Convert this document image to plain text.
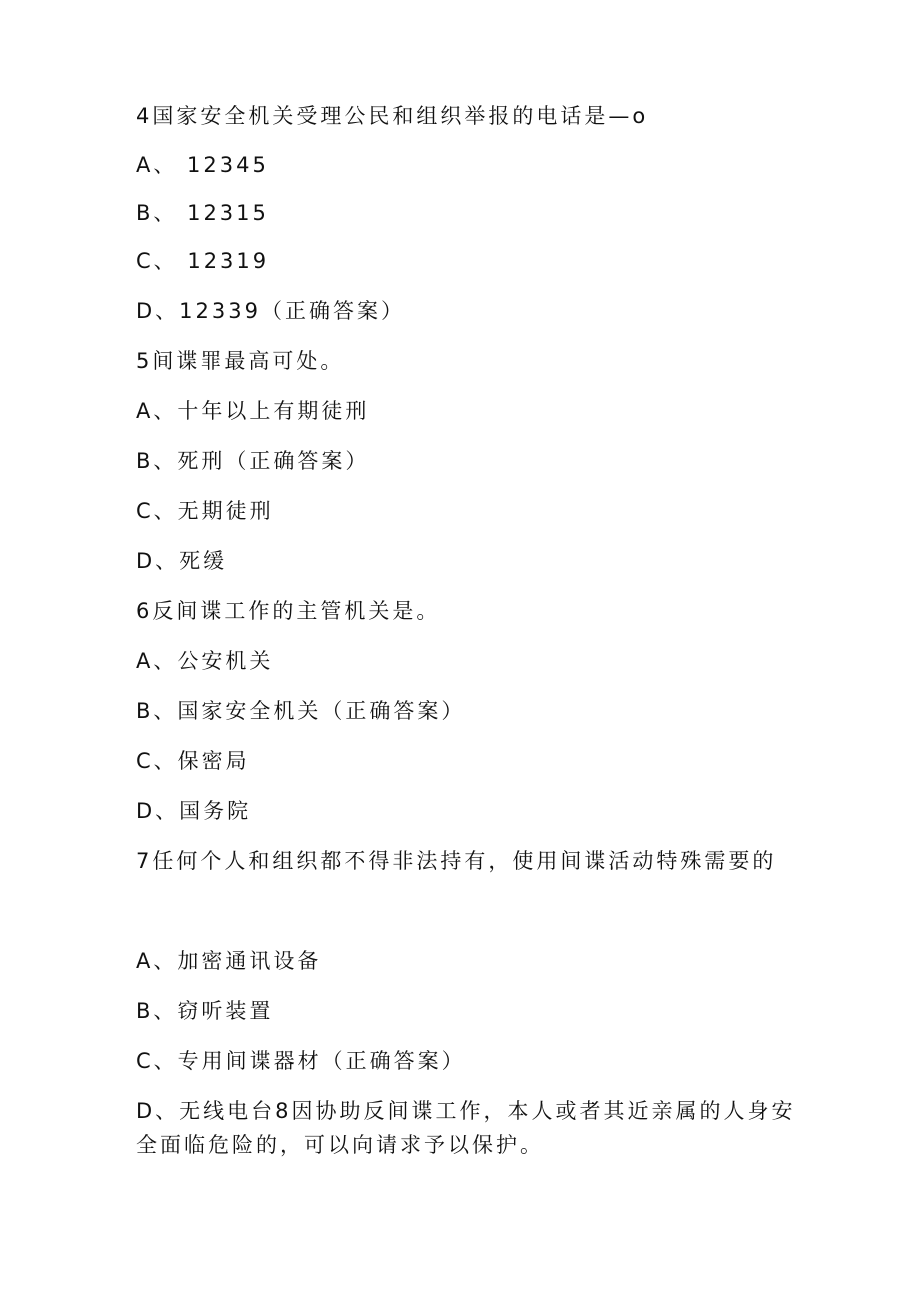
4国家安全机关受理公民和组织举报的电话是—o
A、 12345
B、 12315
C、 12319
D、12339（正确答案）
5间谍罪最高可处。
A、十年以上有期徒刑
B、死刑（正确答案）
C、无期徒刑
D、死缓
6反间谍工作的主管机关是。
A、公安机关
B、国家安全机关（正确答案）
C、保密局
D、国务院
7任何个人和组织都不得非法持有，使用间谍活动特殊需要的
A、加密通讯设备
B、窃听装置
C、专用间谍器材（正确答案）
D、无线电台8因协助反间谍工作，本人或者其近亲属的人身安全面临危险的，可以向请求予以保护。
